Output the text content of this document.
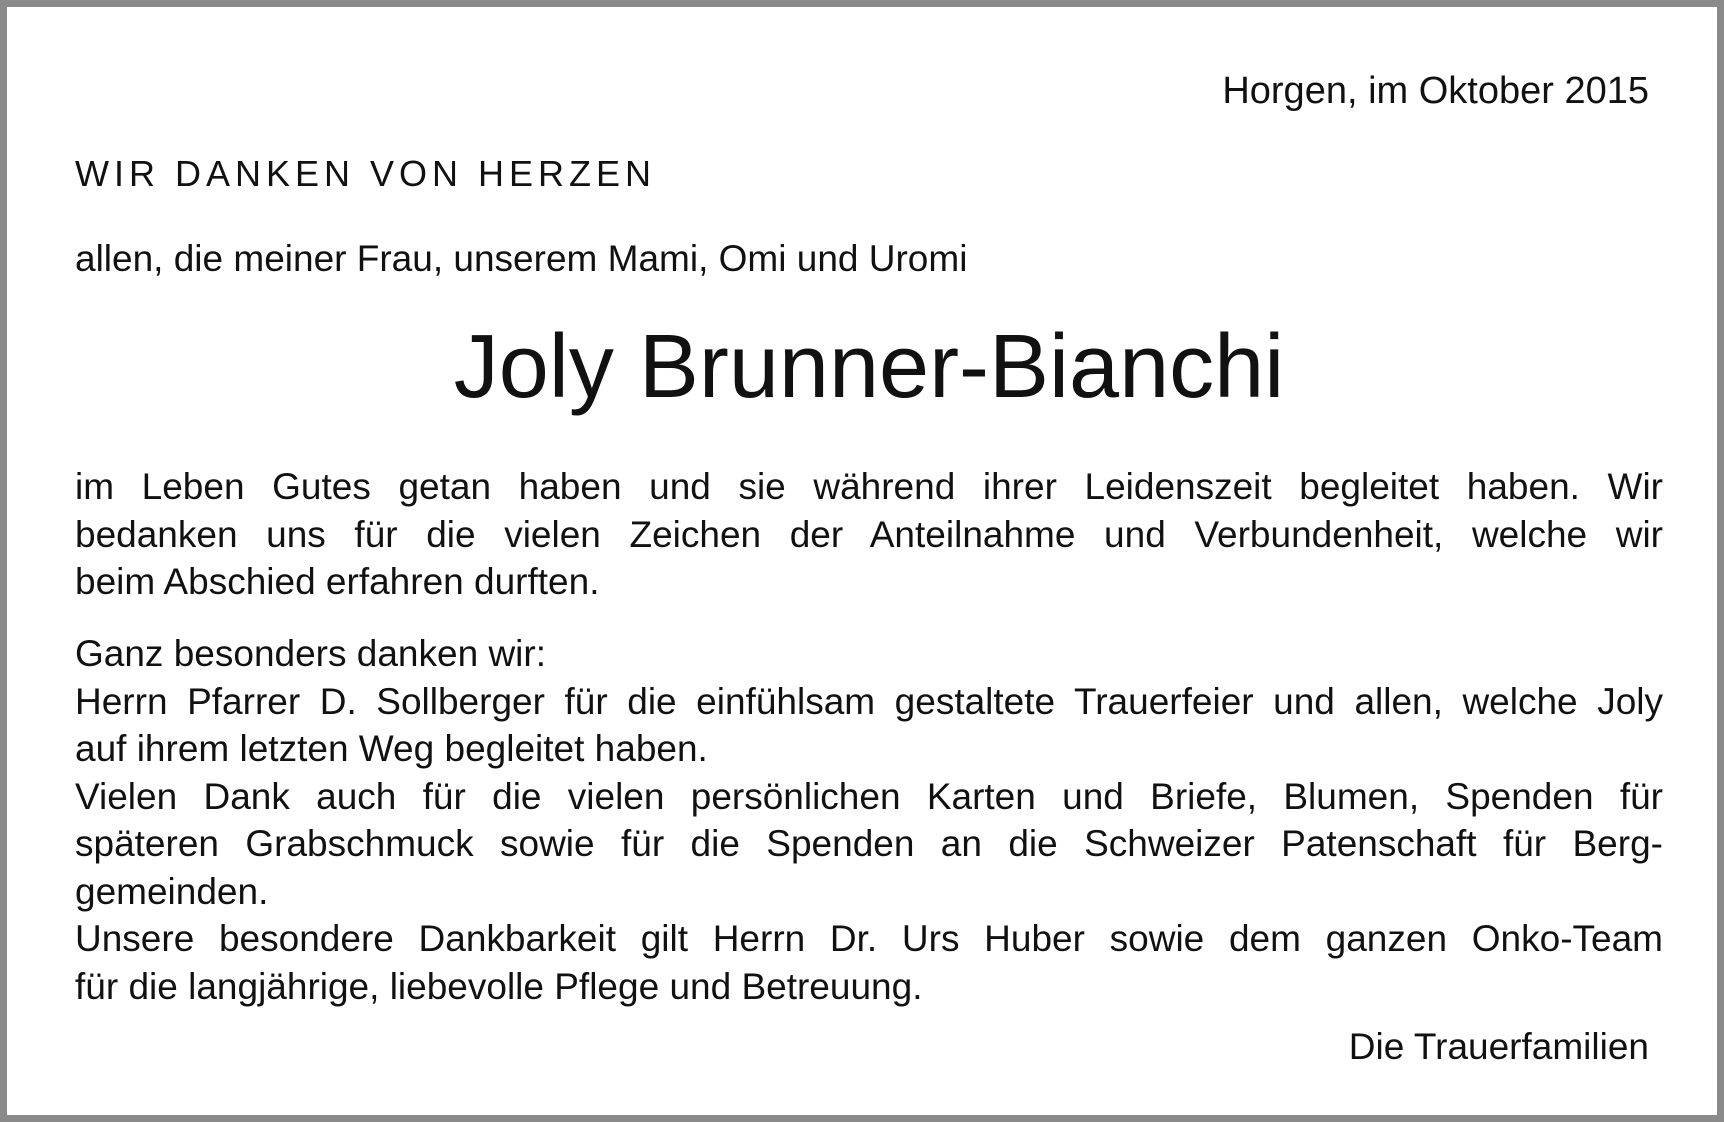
Horgen, im Oktober 2015
WIR DANKEN VON HERZEN
allen, die meiner Frau, unserem Mami, Omi und Uromi
Joly Brunner-Bianchi
im Leben Gutes getan haben und sie während ihrer Leidenszeit begleitet haben. Wir
bedanken uns für die vielen Zeichen der Anteilnahme und Verbundenheit, welche wir
beim Abschied erfahren durften.
Ganz besonders danken wir:
Herrn Pfarrer D. Sollberger für die einfühlsam gestaltete Trauerfeier und allen, welche Joly
auf ihrem letzten Weg begleitet haben.
Vielen Dank auch für die vielen persönlichen Karten und Briefe, Blumen, Spenden für
späteren Grabschmuck sowie für die Spenden an die Schweizer Patenschaft für Berg-
gemeinden.
Unsere besondere Dankbarkeit gilt Herrn Dr. Urs Huber sowie dem ganzen Onko-Team
für die langjährige, liebevolle Pflege und Betreuung.
Die Trauerfamilien
